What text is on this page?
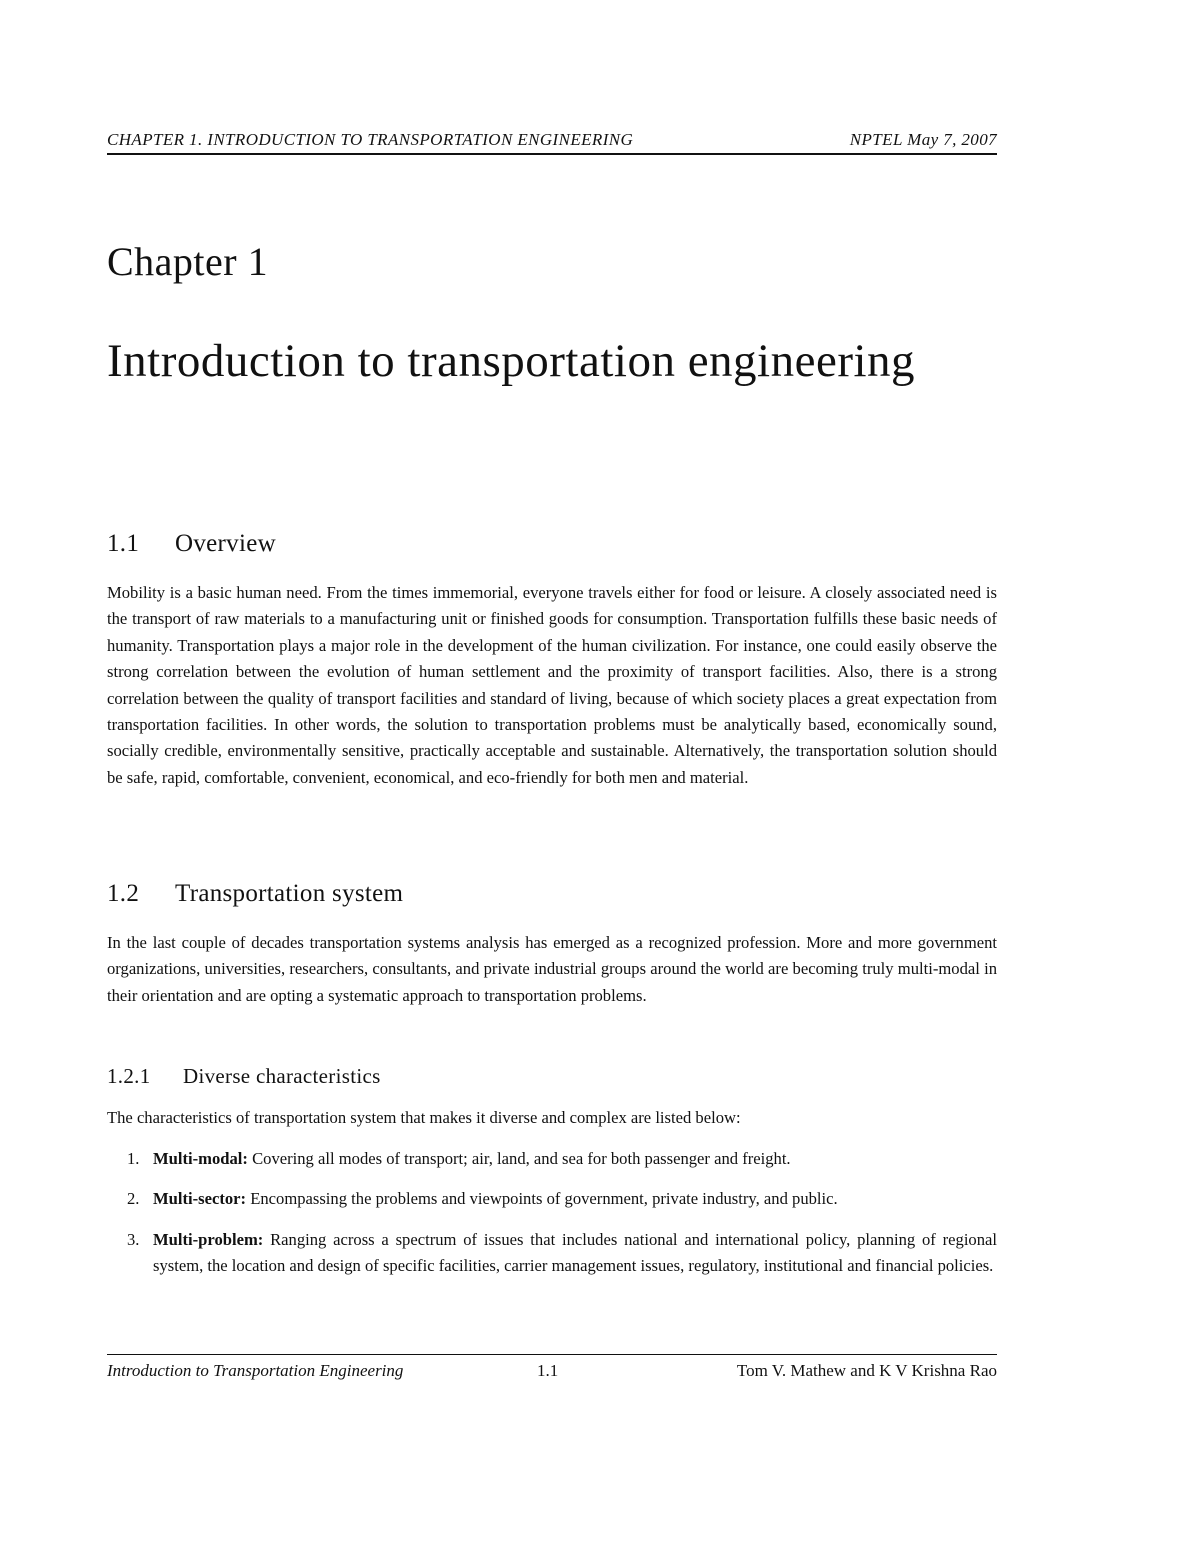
CHAPTER 1. INTRODUCTION TO TRANSPORTATION ENGINEERING	NPTEL May 7, 2007
Chapter 1
Introduction to transportation engineering
1.1 Overview

Mobility is a basic human need. From the times immemorial, everyone travels either for food or leisure. A closely associated need is the transport of raw materials to a manufacturing unit or finished goods for consumption. Transportation fulfills these basic needs of humanity. Transportation plays a major role in the development of the human civilization. For instance, one could easily observe the strong correlation between the evolution of human settlement and the proximity of transport facilities. Also, there is a strong correlation between the quality of transport facilities and standard of living, because of which society places a great expectation from transportation facilities. In other words, the solution to transportation problems must be analytically based, economically sound, socially credible, environmentally sensitive, practically acceptable and sustainable. Alternatively, the transportation solution should be safe, rapid, comfortable, convenient, economical, and eco-friendly for both men and material.

1.2 Transportation system

In the last couple of decades transportation systems analysis has emerged as a recognized profession. More and more government organizations, universities, researchers, consultants, and private industrial groups around the world are becoming truly multi-modal in their orientation and are opting a systematic approach to transportation problems.

1.2.1 Diverse characteristics

The characteristics of transportation system that makes it diverse and complex are listed below:

1. Multi-modal: Covering all modes of transport; air, land, and sea for both passenger and freight.
2. Multi-sector: Encompassing the problems and viewpoints of government, private industry, and public.
3. Multi-problem: Ranging across a spectrum of issues that includes national and international policy, planning of regional system, the location and design of specific facilities, carrier management issues, regulatory, institutional and financial policies.
Introduction to Transportation Engineering	1.1	Tom V. Mathew and K V Krishna Rao
